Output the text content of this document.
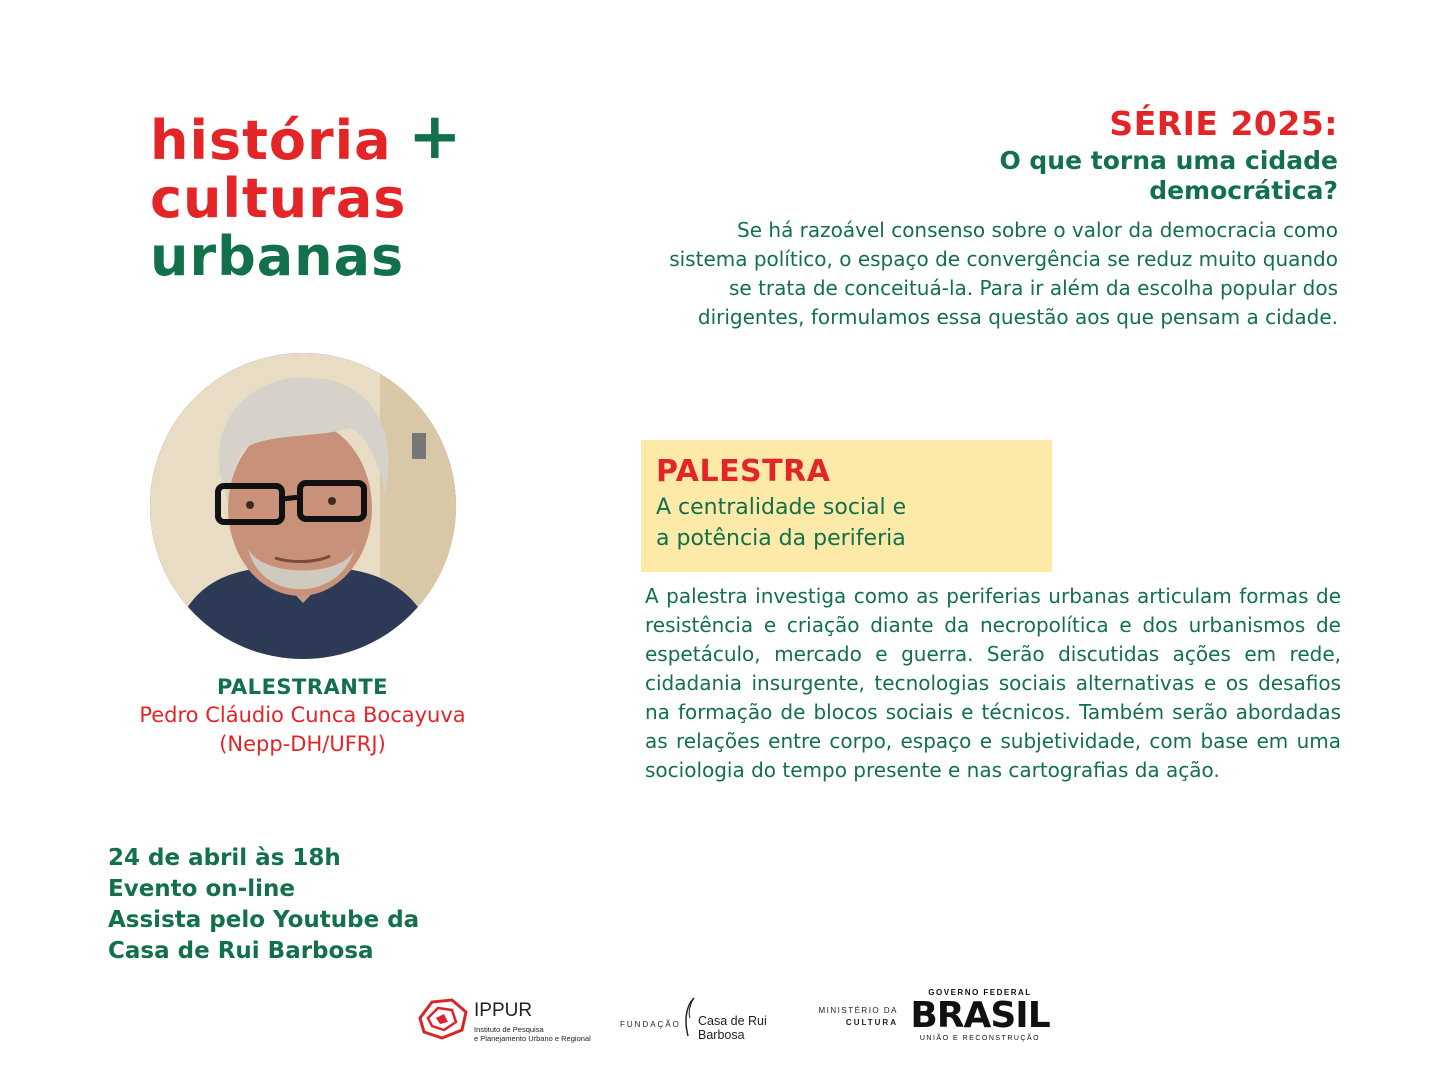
história +
culturas
urbanas
SÉRIE 2025:
O que torna uma cidade democrática?
Se há razoável consenso sobre o valor da democracia como sistema político, o espaço de convergência se reduz muito quando se trata de conceituá-la. Para ir além da escolha popular dos dirigentes, formulamos essa questão aos que pensam a cidade.
PALESTRANTE
Pedro Cláudio Cunca Bocayuva
(Nepp-DH/UFRJ)
24 de abril às 18h
Evento on-line
Assista pelo Youtube da
Casa de Rui Barbosa
PALESTRA
A centralidade social e
a potência da periferia
A palestra investiga como as periferias urbanas articulam formas de resistência e criação diante da necropolítica e dos urbanismos de espetáculo, mercado e guerra. Serão discutidas ações em rede, cidadania insurgente, tecnologias sociais alternativas e os desafios na formação de blocos sociais e técnicos. Também serão abordadas as relações entre corpo, espaço e subjetividade, com base em uma sociologia do tempo presente e nas cartografias da ação.
IPPUR
Instituto de Pesquisa
e Planejamento Urbano e Regional
FUNDAÇÃO Casa de Rui Barbosa
MINISTÉRIO DA
CULTURA
GOVERNO FEDERAL
BRASIL
UNIÃO E RECONSTRUÇÃO
